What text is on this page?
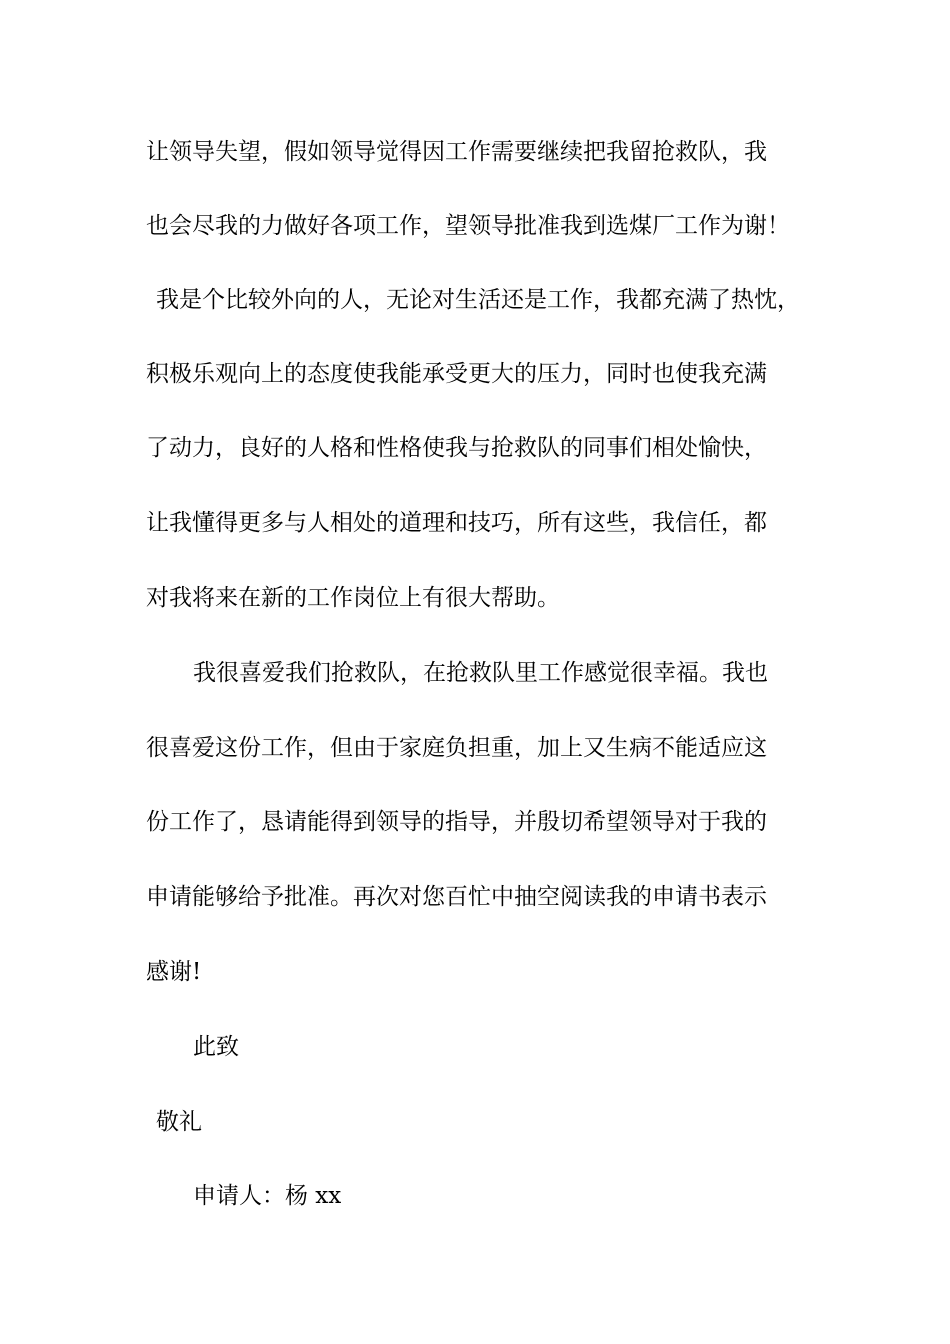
让领导失望，假如领导觉得因工作需要继续把我留抢救队，我
也会尽我的力做好各项工作，望领导批准我到选煤厂工作为谢！
我是个比较外向的人，无论对生活还是工作，我都充满了热忱，
积极乐观向上的态度使我能承受更大的压力，同时也使我充满
了动力，良好的人格和性格使我与抢救队的同事们相处愉快，
让我懂得更多与人相处的道理和技巧，所有这些，我信任，都
对我将来在新的工作岗位上有很大帮助。
我很喜爱我们抢救队，在抢救队里工作感觉很幸福。我也
很喜爱这份工作，但由于家庭负担重，加上又生病不能适应这
份工作了，恳请能得到领导的指导，并殷切希望领导对于我的
申请能够给予批准。再次对您百忙中抽空阅读我的申请书表示
感谢!
此致
敬礼
申请人：杨 xx
